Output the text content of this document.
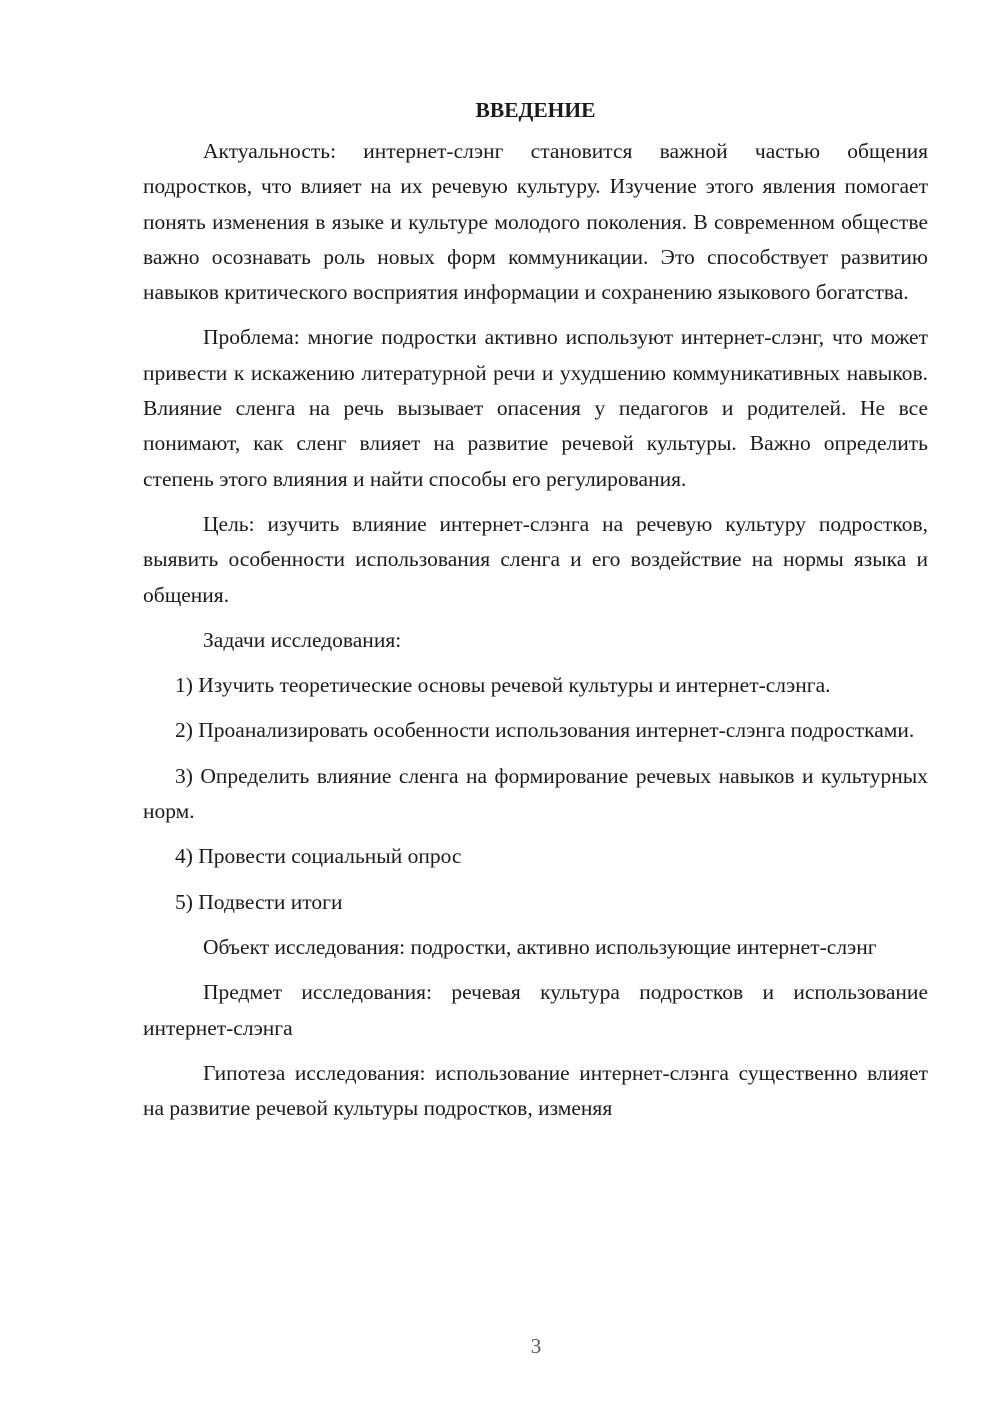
ВВЕДЕНИЕ

Актуальность: интернет-слэнг становится важной частью общения подростков, что влияет на их речевую культуру. Изучение этого явления помогает понять изменения в языке и культуре молодого поколения. В современном обществе важно осознавать роль новых форм коммуникации. Это способствует развитию навыков критического восприятия информации и сохранению языкового богатства.

Проблема: многие подростки активно используют интернет-слэнг, что может привести к искажению литературной речи и ухудшению коммуникативных навыков. Влияние сленга на речь вызывает опасения у педагогов и родителей. Не все понимают, как сленг влияет на развитие речевой культуры. Важно определить степень этого влияния и найти способы его регулирования.

Цель: изучить влияние интернет-слэнга на речевую культуру подростков, выявить особенности использования сленга и его воздействие на нормы языка и общения.

Задачи исследования:

1) Изучить теоретические основы речевой культуры и интернет-слэнга.

2) Проанализировать особенности использования интернет-слэнга подростками.

3) Определить влияние сленга на формирование речевых навыков и культурных норм.

4) Провести социальный опрос

5) Подвести итоги

Объект исследования: подростки, активно использующие интернет-слэнг

Предмет исследования: речевая культура подростков и использование интернет-слэнга

Гипотеза исследования: использование интернет-слэнга существенно влияет на развитие речевой культуры подростков, изменяя

3
